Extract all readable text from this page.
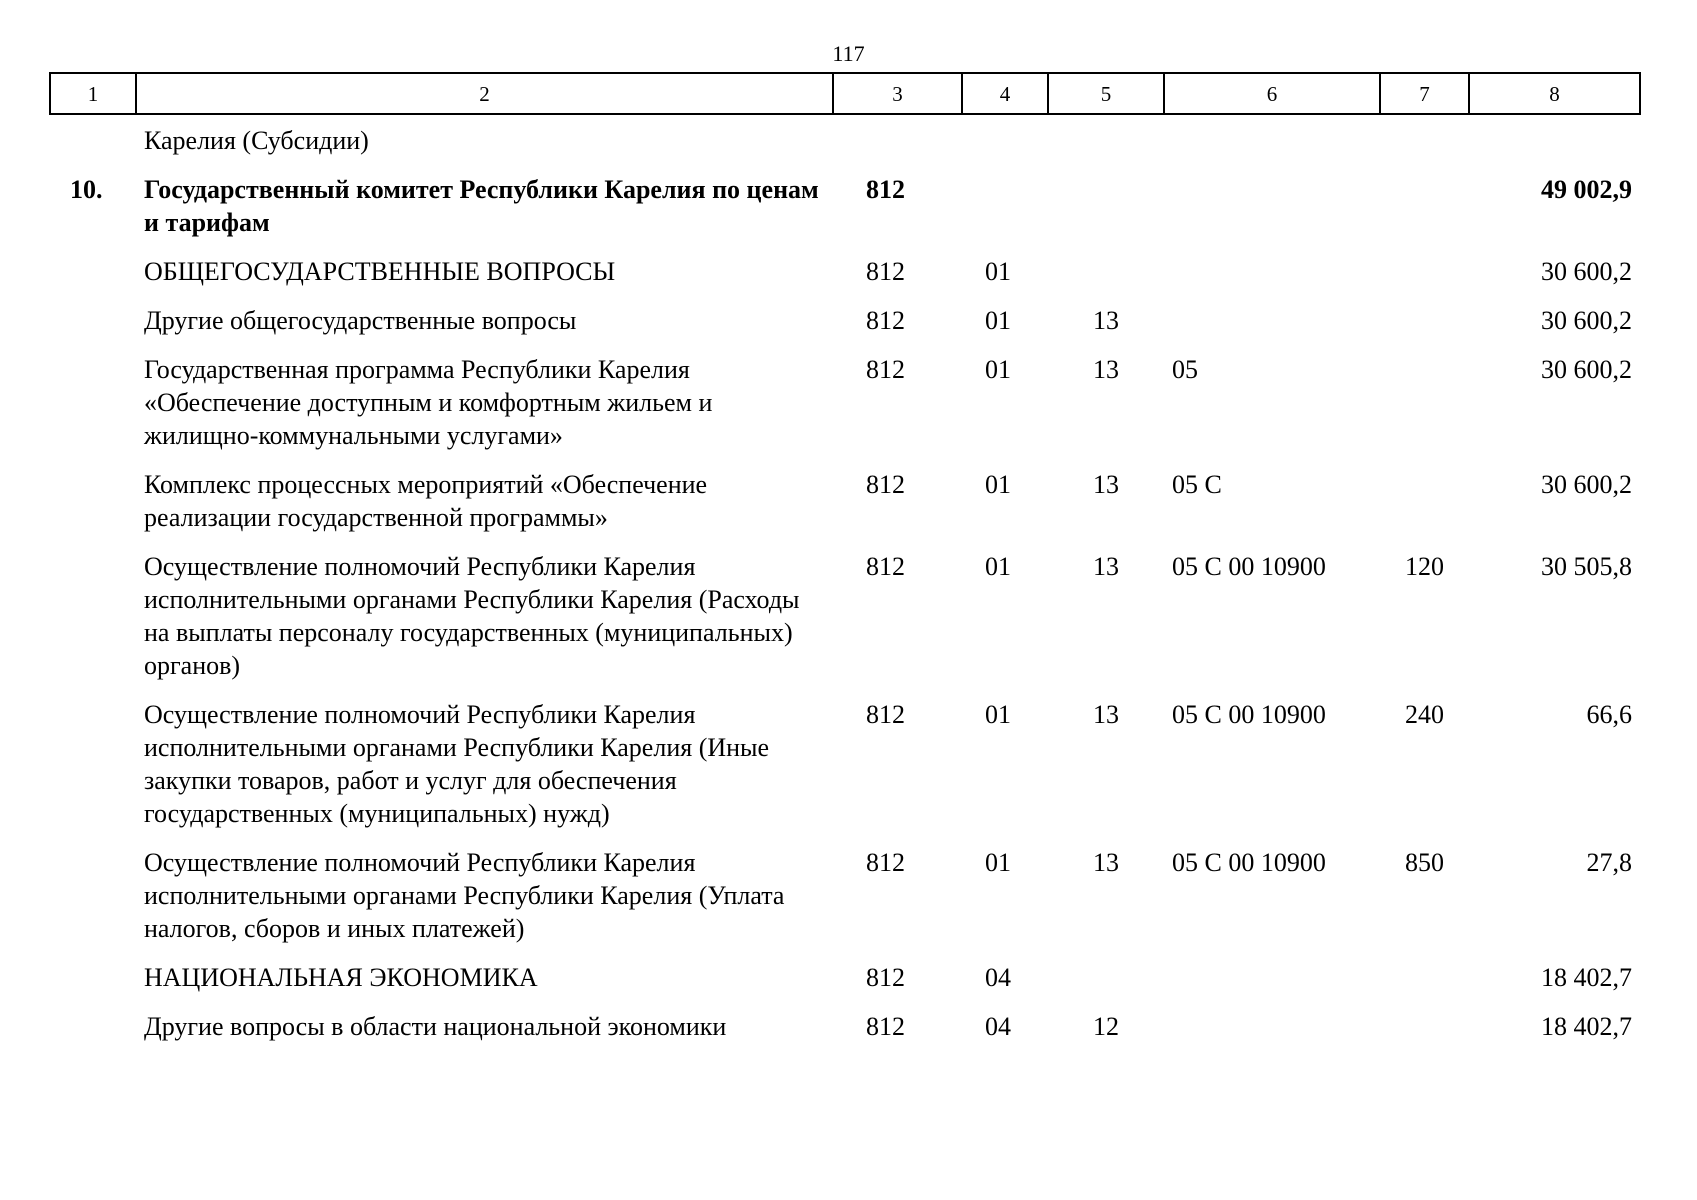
117
1	2	3	4	5	6	7	8
	Карелия (Субсидии)						
10.	Государственный комитет Республики Карелия по ценам и тарифам	812					49 002,9
	ОБЩЕГОСУДАРСТВЕННЫЕ ВОПРОСЫ	812	01				30 600,2
	Другие общегосударственные вопросы	812	01	13			30 600,2
	Государственная программа Республики Карелия «Обеспечение доступным и комфортным жильем и жилищно-коммунальными услугами»	812	01	13	05		30 600,2
	Комплекс процессных мероприятий «Обеспечение реализации государственной программы»	812	01	13	05 С		30 600,2
	Осуществление полномочий Республики Карелия исполнительными органами Республики Карелия (Расходы на выплаты персоналу государственных (муниципальных) органов)	812	01	13	05 С 00 10900	120	30 505,8
	Осуществление полномочий Республики Карелия исполнительными органами Республики Карелия (Иные закупки товаров, работ и услуг для обеспечения государственных (муниципальных) нужд)	812	01	13	05 С 00 10900	240	66,6
	Осуществление полномочий Республики Карелия исполнительными органами Республики Карелия (Уплата налогов, сборов и иных платежей)	812	01	13	05 С 00 10900	850	27,8
	НАЦИОНАЛЬНАЯ ЭКОНОМИКА	812	04				18 402,7
	Другие вопросы в области национальной экономики	812	04	12			18 402,7
